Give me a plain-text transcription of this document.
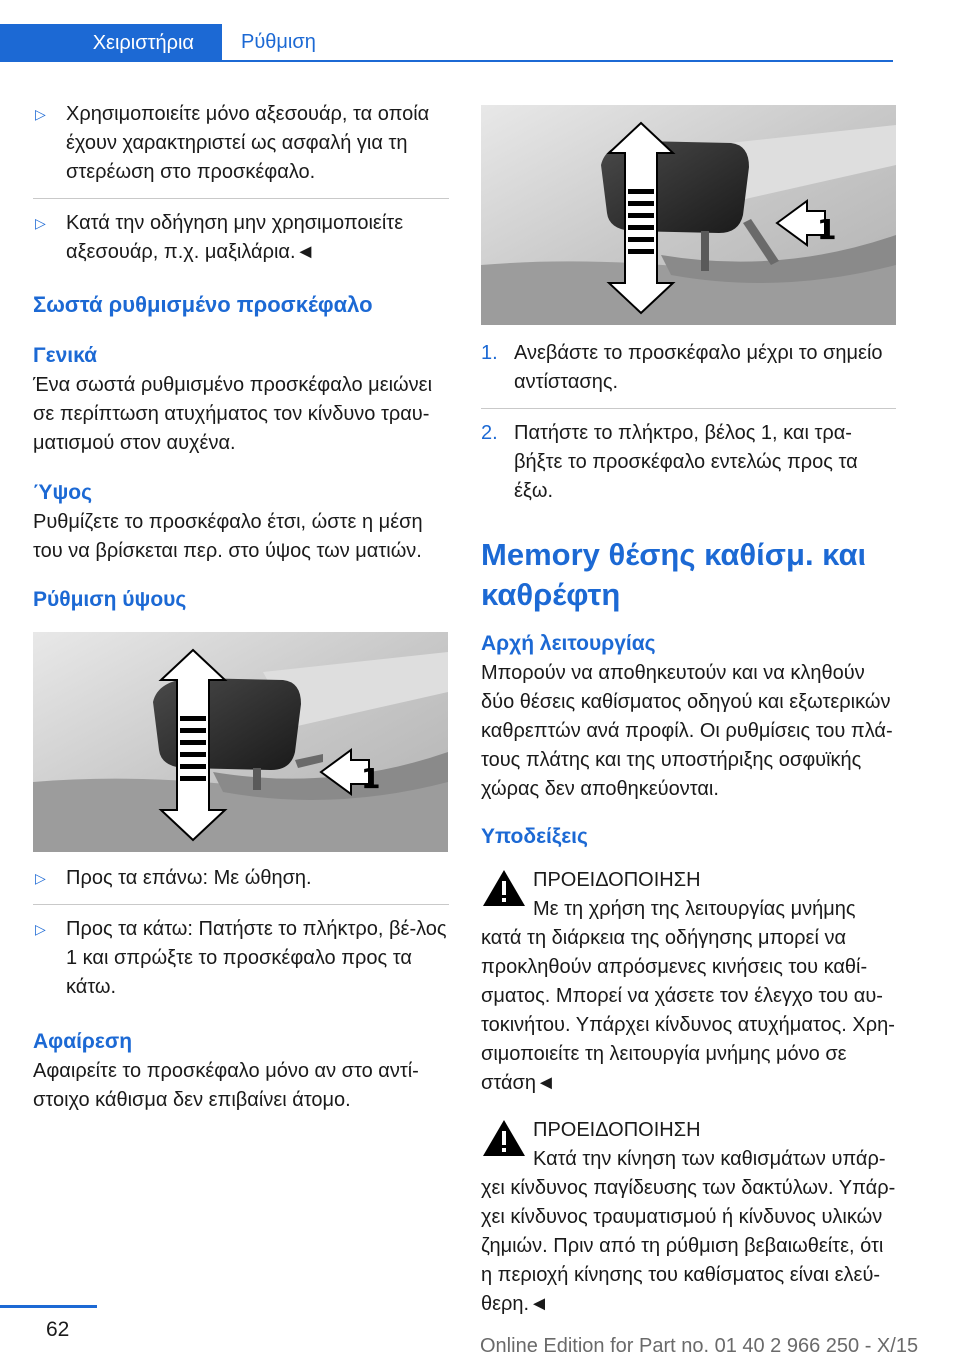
Χειριστήρια	Ρύθμιση
▷	Χρησιμοποιείτε μόνο αξεσουάρ, τα οποία έχουν χαρακτηριστεί ως ασφαλή για τη στερέωση στο προσκέφαλο.
▷	Κατά την οδήγηση μην χρησιμοποιείτε αξεσουάρ, π.χ. μαξιλάρια.◄
Σωστά ρυθμισμένο προσκέφαλο
Γενικά

Ένα σωστά ρυθμισμένο προσκέφαλο μειώνει σε περίπτωση ατυχήματος τον κίνδυνο τραυ‐ματισμού στον αυχένα.

Ύψος

Ρυθμίζετε το προσκέφαλο έτσι, ώστε η μέση του να βρίσκεται περ. στο ύψος των ματιών.

Ρύθμιση ύψους
1
▷	Προς τα επάνω: Με ώθηση.
▷	Προς τα κάτω: Πατήστε το πλήκτρο, βέ‐λος 1 και σπρώξτε το προσκέφαλο προς τα κάτω.
Αφαίρεση

Αφαιρείτε το προσκέφαλο μόνο αν στο αντί‐στοιχο κάθισμα δεν επιβαίνει άτομο.

1
1. Ανεβάστε το προσκέφαλο μέχρι το σημείο αντίστασης.
2. Πατήστε το πλήκτρο, βέλος 1, και τρα‐βήξτε το προσκέφαλο εντελώς προς τα έξω.
Memory θέσης καθίσμ. και καθρέφτη
Αρχή λειτουργίας

Μπορούν να αποθηκευτούν και να κληθούν δύο θέσεις καθίσματος οδηγού και εξωτερικών καθρεπτών ανά προφίλ. Οι ρυθμίσεις του πλά‐τους πλάτης και της υποστήριξης οσφυϊκής χώρας δεν αποθηκεύονται.

Υποδείξεις
ΠΡΟΕΙΔΟΠΟΙΗΣΗ
Με τη χρήση της λειτουργίας μνήμης

κατά τη διάρκεια της οδήγησης μπορεί να προκληθούν απρόσμενες κινήσεις του καθί‐σματος. Μπορεί να χάσετε τον έλεγχο του αυ‐τοκινήτου. Υπάρχει κίνδυνος ατυχήματος. Χρη‐σιμοποιείτε τη λειτουργία μνήμης μόνο σε στάση◄

ΠΡΟΕΙΔΟΠΟΙΗΣΗ
Κατά την κίνηση των καθισμάτων υπάρ‐

χει κίνδυνος παγίδευσης των δακτύλων. Υπάρ‐χει κίνδυνος τραυματισμού ή κίνδυνος υλικών ζημιών. Πριν από τη ρύθμιση βεβαιωθείτε, ότι η περιοχή κίνησης του καθίσματος είναι ελεύ‐θερη.◄

62
Online Edition for Part no. 01 40 2 966 250 - X/15
